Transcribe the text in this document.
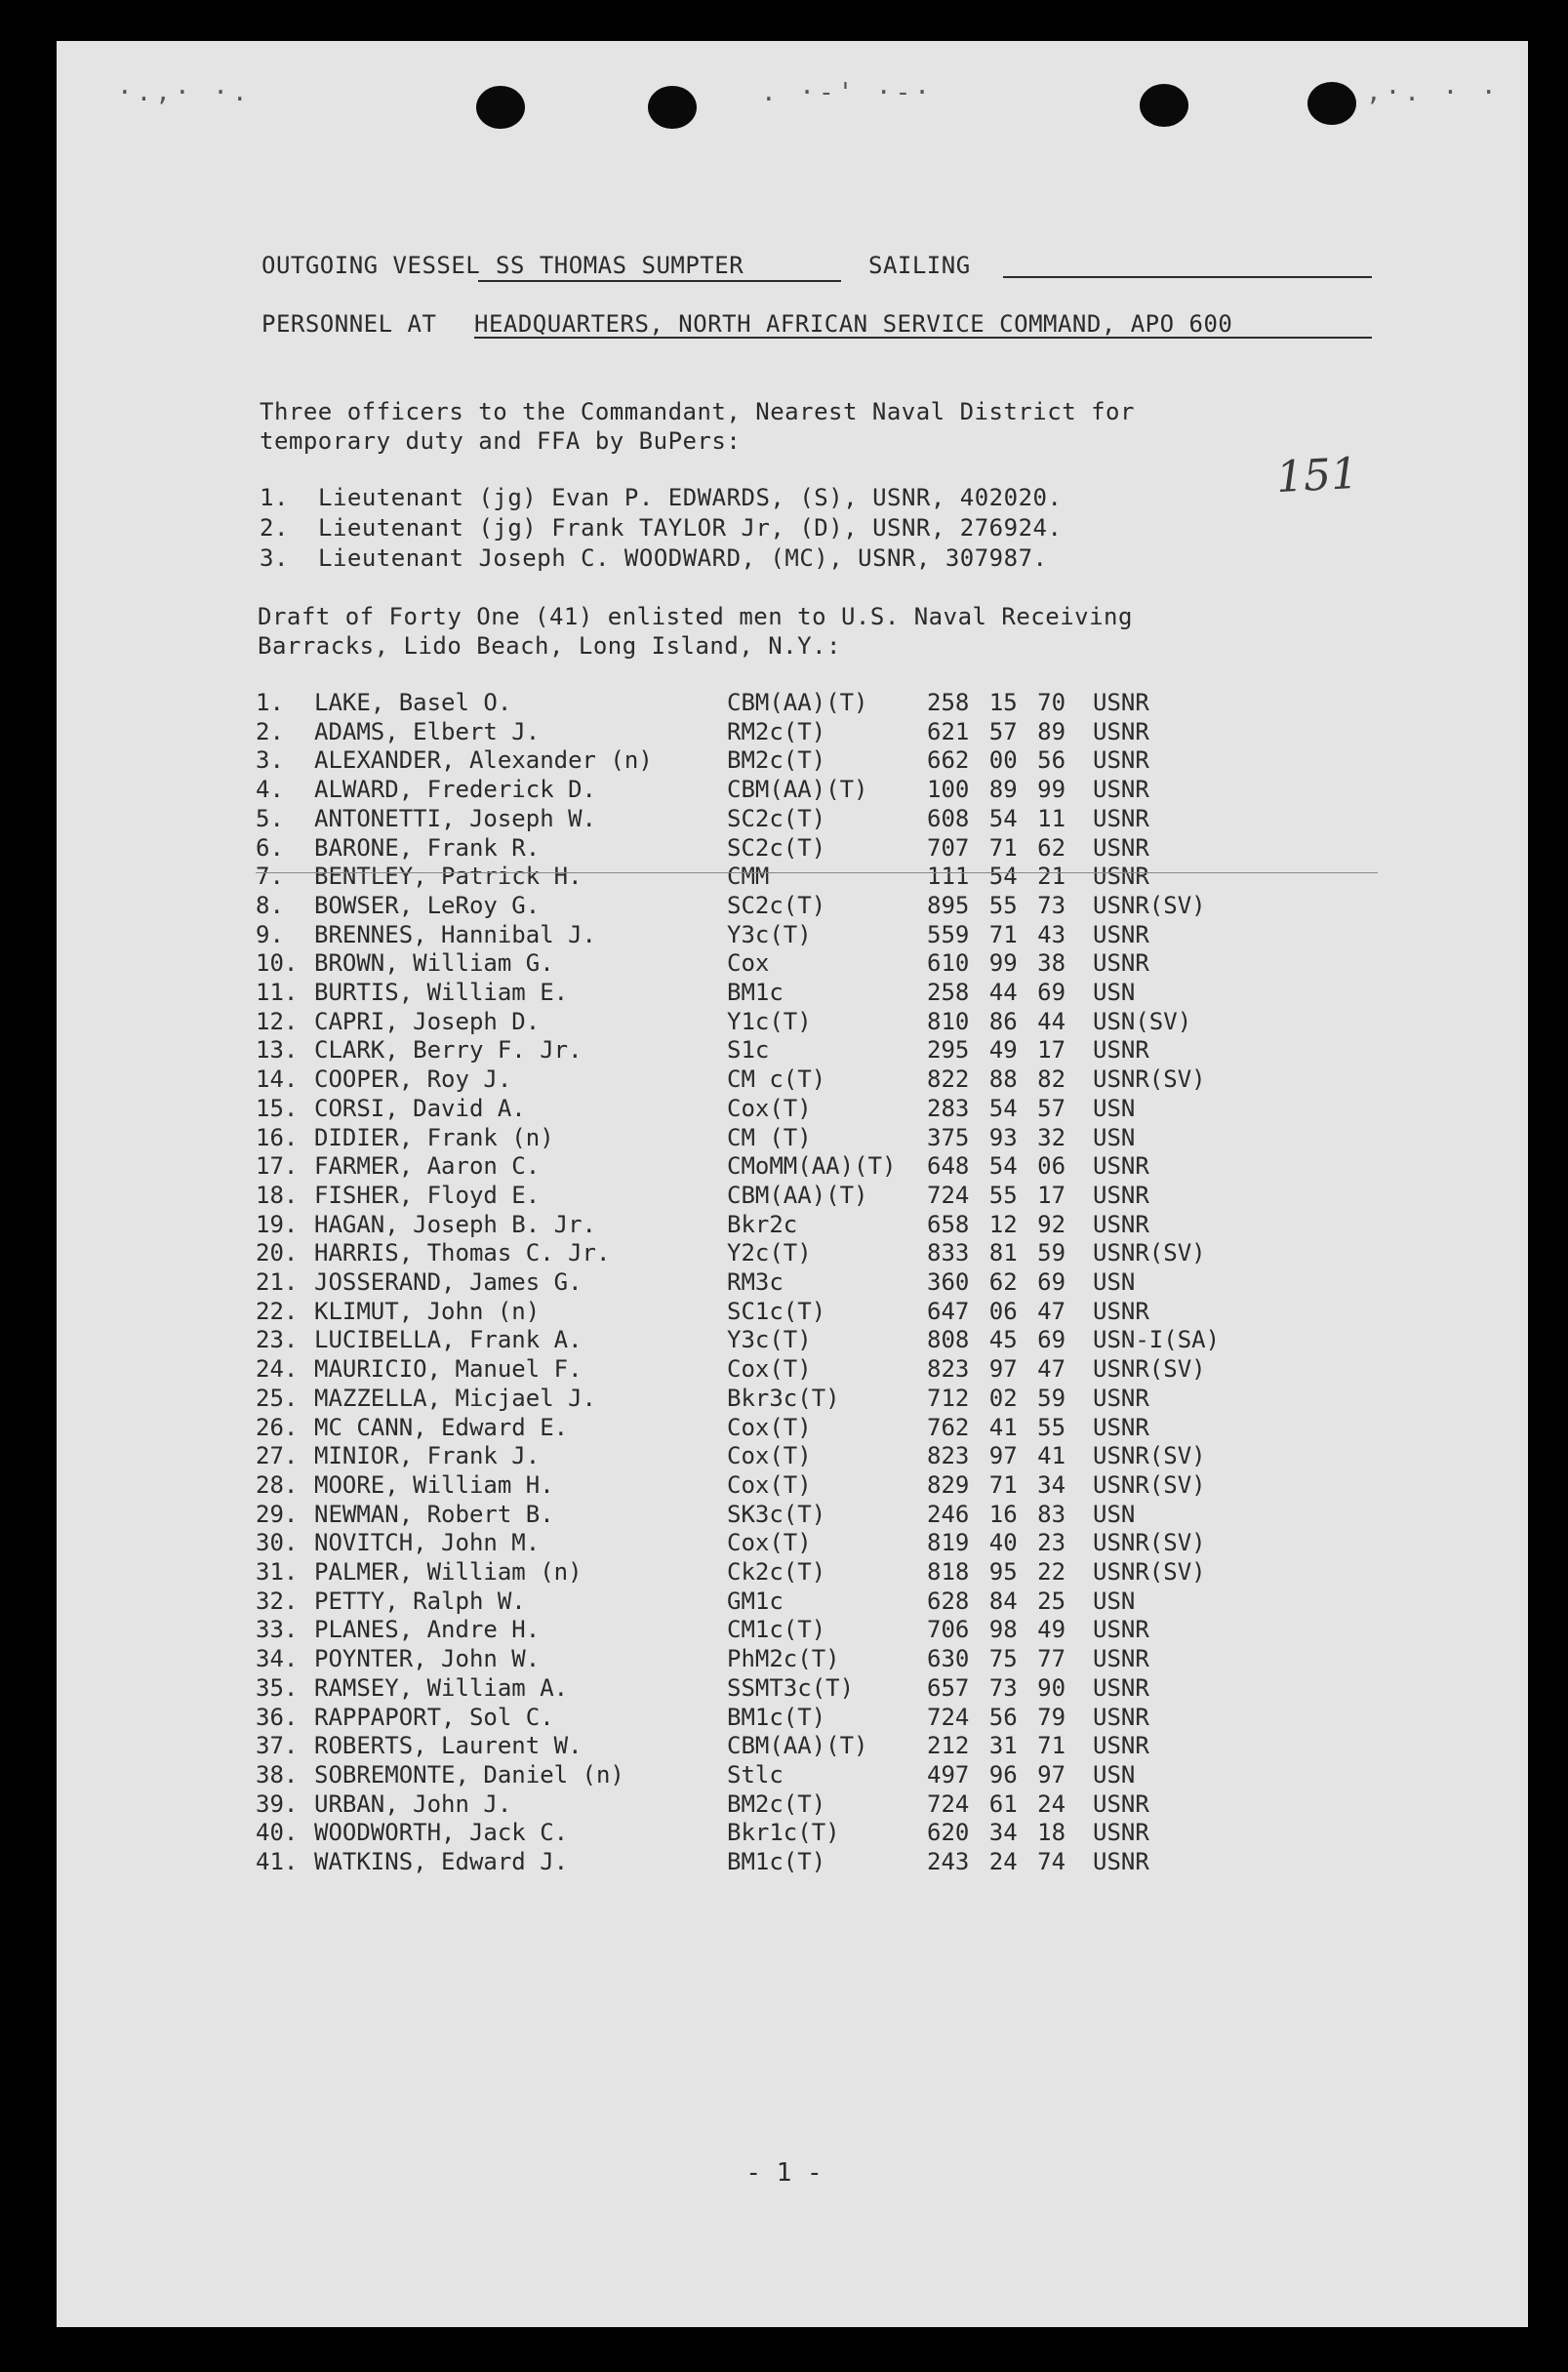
·.,· ·.	. ·-' ·-·	,·. · ·
OUTGOING VESSEL SS THOMAS SUMPTER	SAILING
PERSONNEL AT HEADQUARTERS, NORTH AFRICAN SERVICE COMMAND, APO 600
151
Three officers to the Commandant, Nearest Naval District for
temporary duty and FFA by BuPers:
1. Lieutenant (jg) Evan P. EDWARDS, (S), USNR, 402020.
2. Lieutenant (jg) Frank TAYLOR Jr, (D), USNR, 276924.
3. Lieutenant Joseph C. WOODWARD, (MC), USNR, 307987.
Draft of Forty One (41) enlisted men to U.S. Naval Receiving
Barracks, Lido Beach, Long Island, N.Y.:
1. LAKE, Basel O.	CBM(AA)(T)	258 15 70 USNR
2. ADAMS, Elbert J.	RM2c(T)	621 57 89 USNR
3. ALEXANDER, Alexander (n)	BM2c(T)	662 00 56 USNR
4. ALWARD, Frederick D.	CBM(AA)(T)	100 89 99 USNR
5. ANTONETTI, Joseph W.	SC2c(T)	608 54 11 USNR
6. BARONE, Frank R.	SC2c(T)	707 71 62 USNR
7. BENTLEY, Patrick H.	CMM	111 54 21 USNR
8. BOWSER, LeRoy G.	SC2c(T)	895 55 73 USNR(SV)
9. BRENNES, Hannibal J.	Y3c(T)	559 71 43 USNR
10. BROWN, William G.	Cox	610 99 38 USNR
11. BURTIS, William E.	BM1c	258 44 69 USN
12. CAPRI, Joseph D.	Y1c(T)	810 86 44 USN(SV)
13. CLARK, Berry F. Jr.	S1c	295 49 17 USNR
14. COOPER, Roy J.	CM c(T)	822 88 82 USNR(SV)
15. CORSI, David A.	Cox(T)	283 54 57 USN
16. DIDIER, Frank (n)	CM (T)	375 93 32 USN
17. FARMER, Aaron C.	CMoMM(AA)(T) 648 54 06 USNR
18. FISHER, Floyd E.	CBM(AA)(T)	724 55 17 USNR
19. HAGAN, Joseph B. Jr.	Bkr2c	658 12 92 USNR
20. HARRIS, Thomas C. Jr.	Y2c(T)	833 81 59 USNR(SV)
21. JOSSERAND, James G.	RM3c	360 62 69 USN
22. KLIMUT, John (n)	SC1c(T)	647 06 47 USNR
23. LUCIBELLA, Frank A.	Y3c(T)	808 45 69 USN-I(SA)
24. MAURICIO, Manuel F.	Cox(T)	823 97 47 USNR(SV)
25. MAZZELLA, Micjael J.	Bkr3c(T)	712 02 59 USNR
26. MC CANN, Edward E.	Cox(T)	762 41 55 USNR
27. MINIOR, Frank J.	Cox(T)	823 97 41 USNR(SV)
28. MOORE, William H.	Cox(T)	829 71 34 USNR(SV)
29. NEWMAN, Robert B.	SK3c(T)	246 16 83 USN
30. NOVITCH, John M.	Cox(T)	819 40 23 USNR(SV)
31. PALMER, William (n)	Ck2c(T)	818 95 22 USNR(SV)
32. PETTY, Ralph W.	GM1c	628 84 25 USN
33. PLANES, Andre H.	CM1c(T)	706 98 49 USNR
34. POYNTER, John W.	PhM2c(T)	630 75 77 USNR
35. RAMSEY, William A.	SSMT3c(T)	657 73 90 USNR
36. RAPPAPORT, Sol C.	BM1c(T)	724 56 79 USNR
37. ROBERTS, Laurent W.	CBM(AA)(T)	212 31 71 USNR
38. SOBREMONTE, Daniel (n)	Stlc	497 96 97 USN
39. URBAN, John J.	BM2c(T)	724 61 24 USNR
40. WOODWORTH, Jack C.	Bkr1c(T)	620 34 18 USNR
41. WATKINS, Edward J.	BM1c(T)	243 24 74 USNR
- 1 -
